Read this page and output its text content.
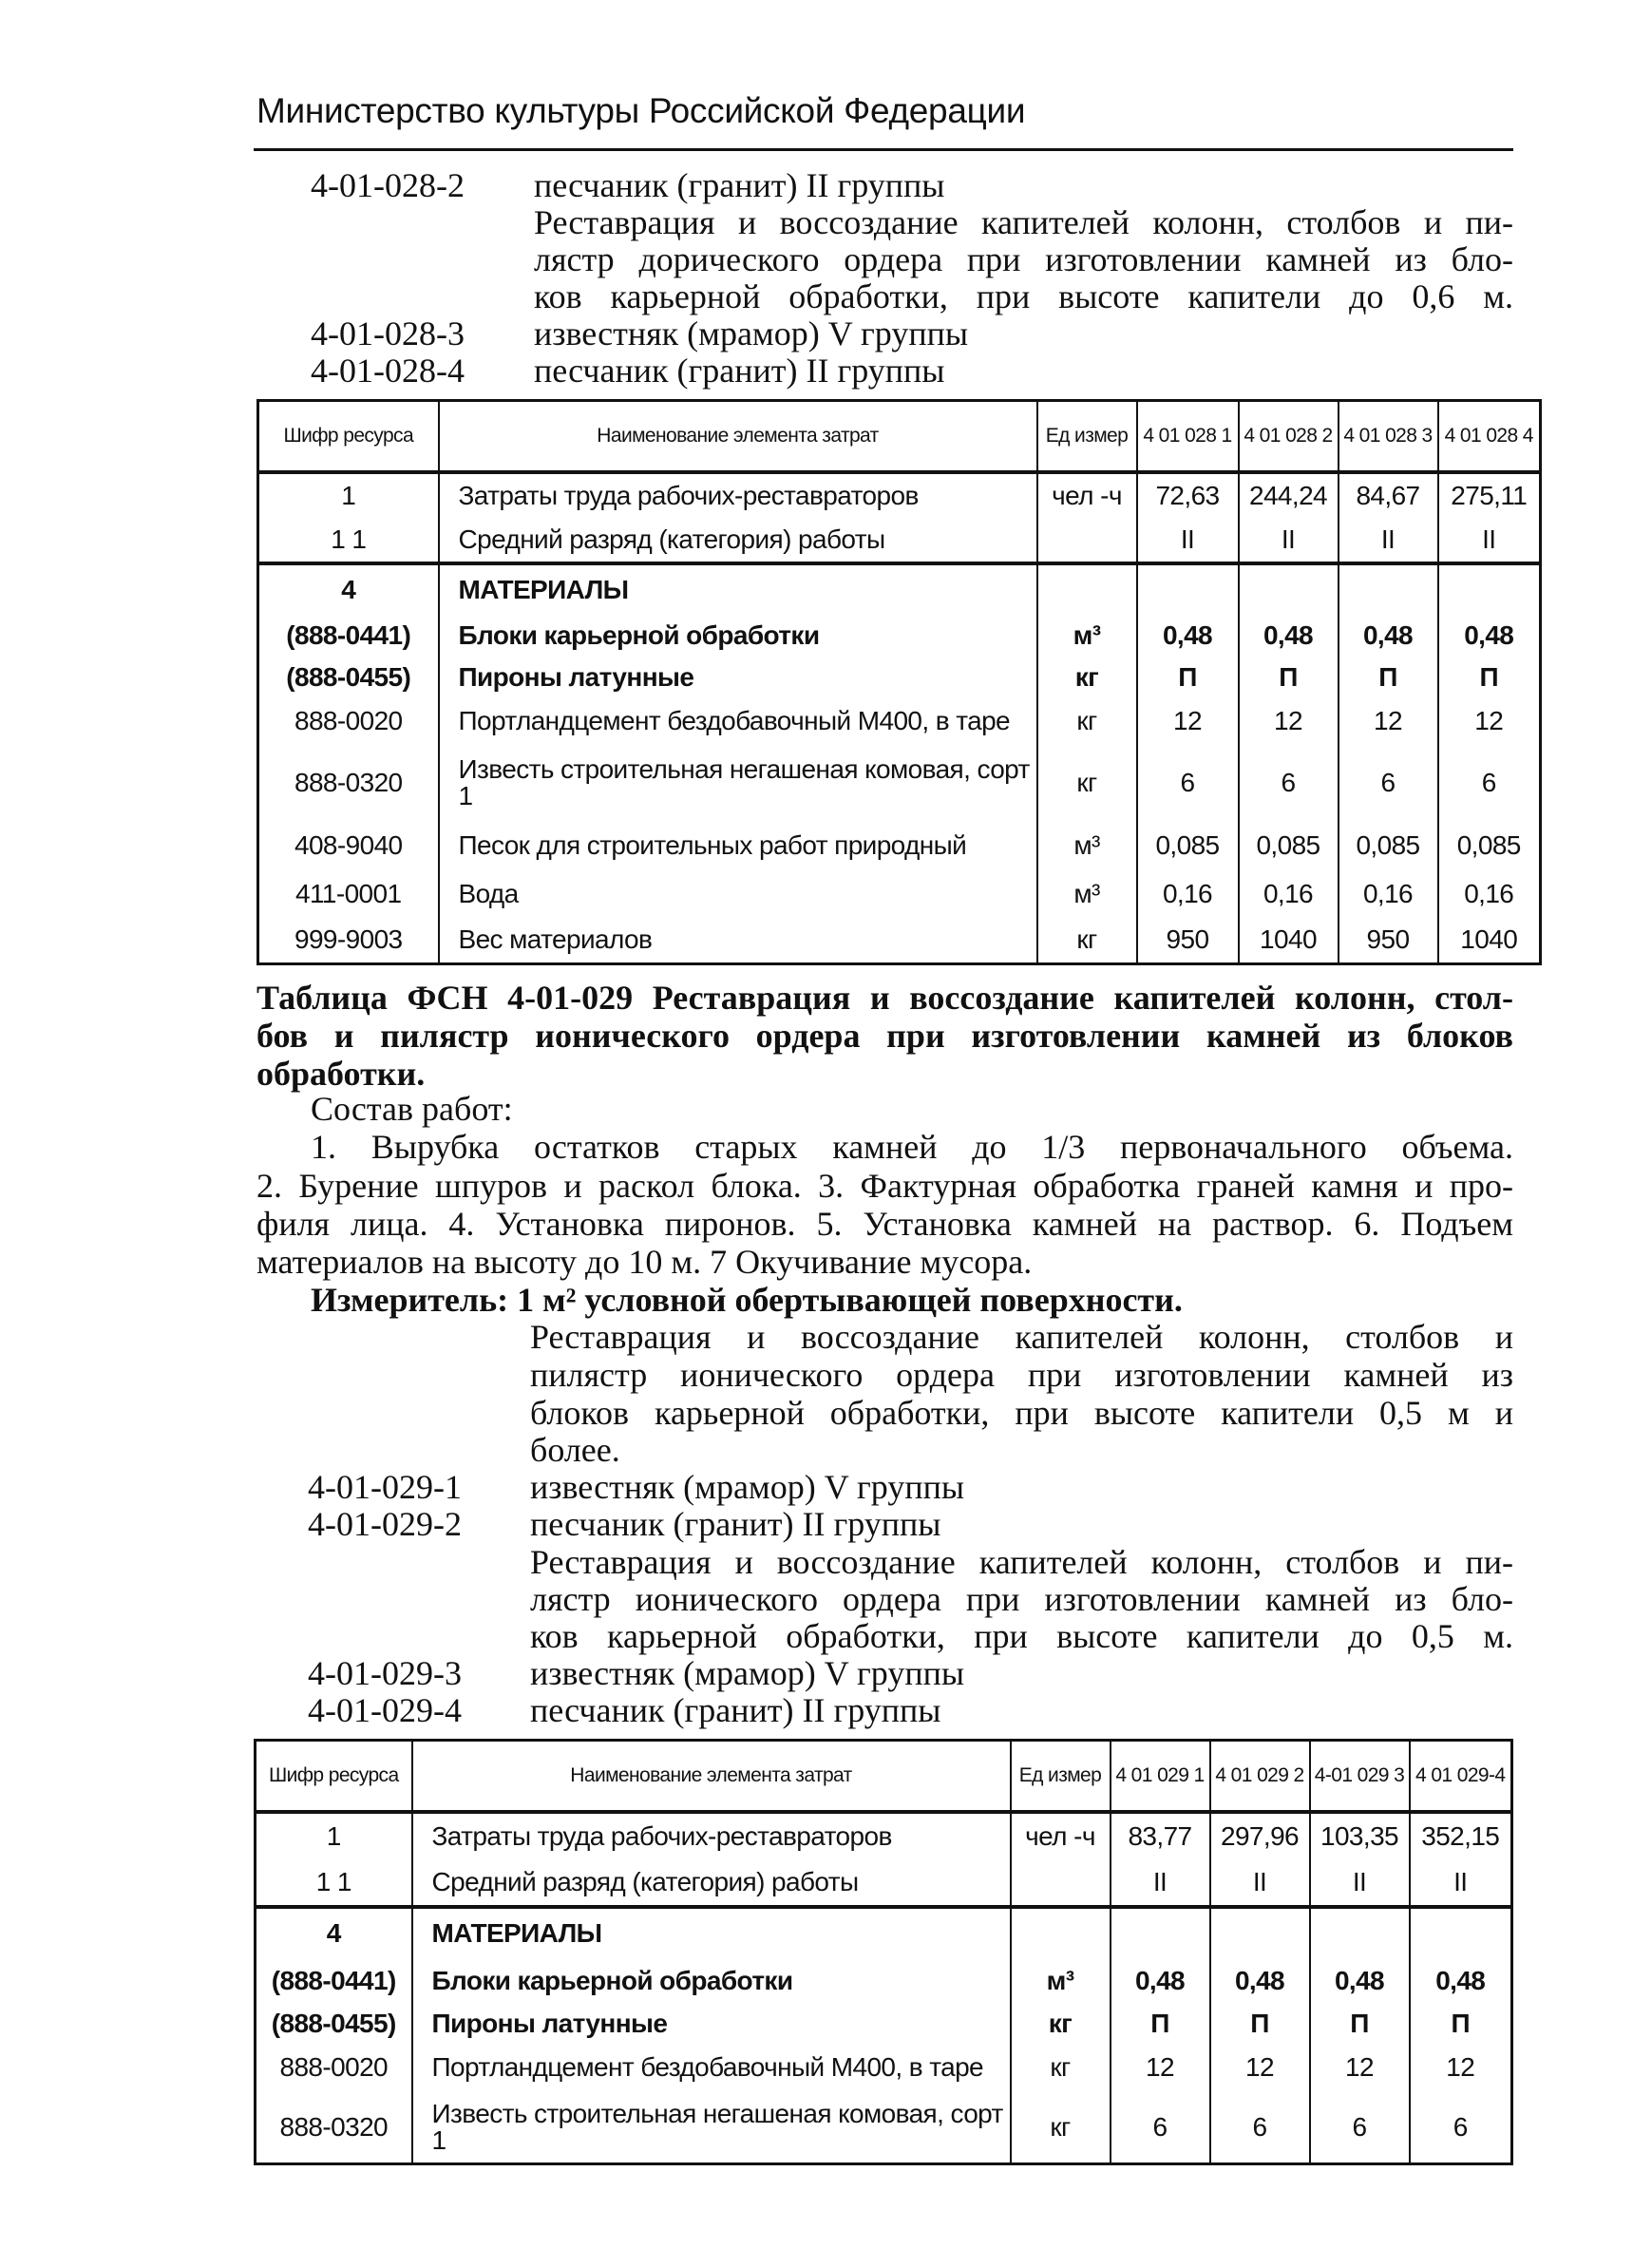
Министерство культуры Российской Федерации
4-01-028-2 песчаник (гранит) II группы
Реставрация и воссоздание капителей колонн, столбов и пи-
лястр дорического ордера при изготовлении камней из бло-
ков карьерной обработки, при высоте капители до 0,6 м.
4-01-028-3 известняк (мрамор) V группы
4-01-028-4 песчаник (гранит) II группы
Таблица ФСН 4-01-029 Реставрация и воссоздание капителей колонн, стол-
бов и пилястр ионического ордера при изготовлении камней из блоков
обработки.
Состав работ:
1. Вырубка остатков старых камней до 1/3 первоначального объема.
2. Бурение шпуров и раскол блока. 3. Фактурная обработка граней камня и про-
филя лица. 4. Установка пиронов. 5. Установка камней на раствор. 6. Подъем
материалов на высоту до 10 м. 7 Окучивание мусора.
Измеритель: 1 м² условной обертывающей поверхности.
Реставрация и воссоздание капителей колонн, столбов и
пилястр ионического ордера при изготовлении камней из
блоков карьерной обработки, при высоте капители 0,5 м и
более.
4-01-029-1 известняк (мрамор) V группы
4-01-029-2 песчаник (гранит) II группы
Реставрация и воссоздание капителей колонн, столбов и пи-
лястр ионического ордера при изготовлении камней из бло-
ков карьерной обработки, при высоте капители до 0,5 м.
4-01-029-3 известняк (мрамор) V группы
4-01-029-4 песчаник (гранит) II группы
Шифр ресурса	Наименование элемента затрат	Ед измер	4 01 028 1	4 01 028 2	4 01 028 3	4 01 028 4
1	Затраты труда рабочих-реставраторов	чел -ч	72,63	244,24	84,67	275,11
1 1	Средний разряд (категория) работы		II	II	II	II
4	МАТЕРИАЛЫ					
(888-0441)	Блоки карьерной обработки	м³	0,48	0,48	0,48	0,48
(888-0455)	Пироны латунные	кг	П	П	П	П
888-0020	Портландцемент бездобавочный М400, в таре	кг	12	12	12	12
888-0320	Известь строительная негашеная комовая, сорт 1	кг	6	6	6	6
408-9040	Песок для строительных работ природный	м³	0,085	0,085	0,085	0,085
411-0001	Вода	м³	0,16	0,16	0,16	0,16
999-9003	Вес материалов	кг	950	1040	950	1040
Шифр ресурса	Наименование элемента затрат	Ед измер	4 01 029 1	4 01 029 2	4-01 029 3	4 01 029-4
1	Затраты труда рабочих-реставраторов	чел -ч	83,77	297,96	103,35	352,15
1 1	Средний разряд (категория) работы		II	II	II	II
4	МАТЕРИАЛЫ					
(888-0441)	Блоки карьерной обработки	м³	0,48	0,48	0,48	0,48
(888-0455)	Пироны латунные	кг	П	П	П	П
888-0020	Портландцемент бездобавочный М400, в таре	кг	12	12	12	12
888-0320	Известь строительная негашеная комовая, сорт 1	кг	6	6	6	6
